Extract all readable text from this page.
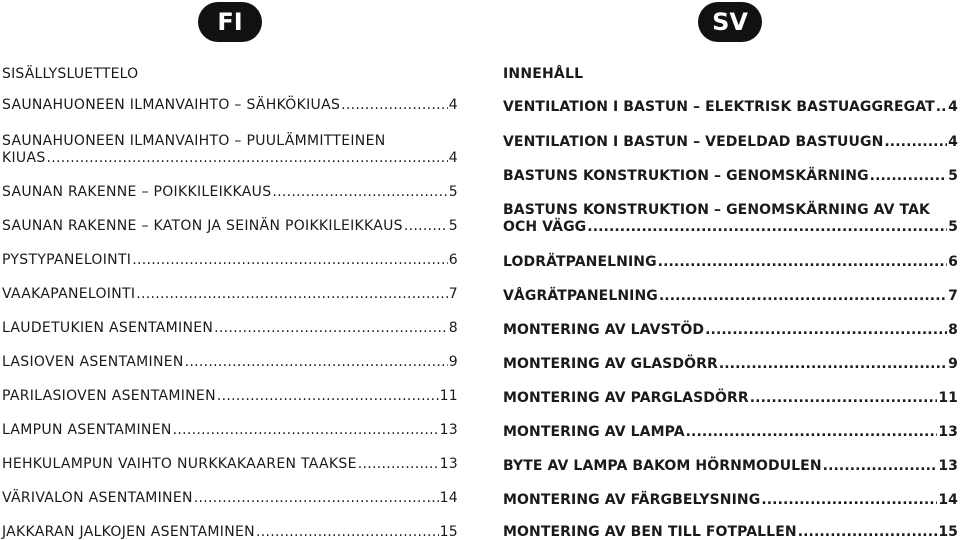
FI	SV
SISÄLLYSLUETTELO
SAUNAHUONEEN ILMANVAIHTO – SÄHKÖKIUAS .....	4
SAUNAHUONEEN ILMANVAIHTO – PUULÄMMITTEINEN
KIUAS .....	4
SAUNAN RAKENNE – POIKKILEIKKAUS .....	5
SAUNAN RAKENNE – KATON JA SEINÄN POIKKILEIKKAUS .....	5
PYSTYPANELOINTI .....	6
VAAKAPANELOINTI .....	7
LAUDETUKIEN ASENTAMINEN .....	8
LASIOVEN ASENTAMINEN .....	9
PARILASIOVEN ASENTAMINEN .....	11
LAMPUN ASENTAMINEN .....	13
HEHKULAMPUN VAIHTO NURKKAKAAREN TAAKSE .....	13
VÄRIVALON ASENTAMINEN .....	14
JAKKARAN JALKOJEN ASENTAMINEN .....	15
INNEHÅLL
VENTILATION I BASTUN – ELEKTRISK BASTUAGGREGAT ..... 4
VENTILATION I BASTUN – VEDELDAD BASTUUGN .....	4
BASTUNS KONSTRUKTION – GENOMSKÄRNING .....	5
BASTUNS KONSTRUKTION – GENOMSKÄRNING AV TAK
OCH VÄGG .....	5
LODRÄTPANELNING .....	6
VÅGRÄTPANELNING .....	7
MONTERING AV LAVSTÖD .....	8
MONTERING AV GLASDÖRR .....	9
MONTERING AV PARGLASDÖRR .....	11
MONTERING AV LAMPA .....	13
BYTE AV LAMPA BAKOM HÖRNMODULEN .....	13
MONTERING AV FÄRGBELYSNING .....	14
MONTERING AV BEN TILL FOTPALLEN .....	15
